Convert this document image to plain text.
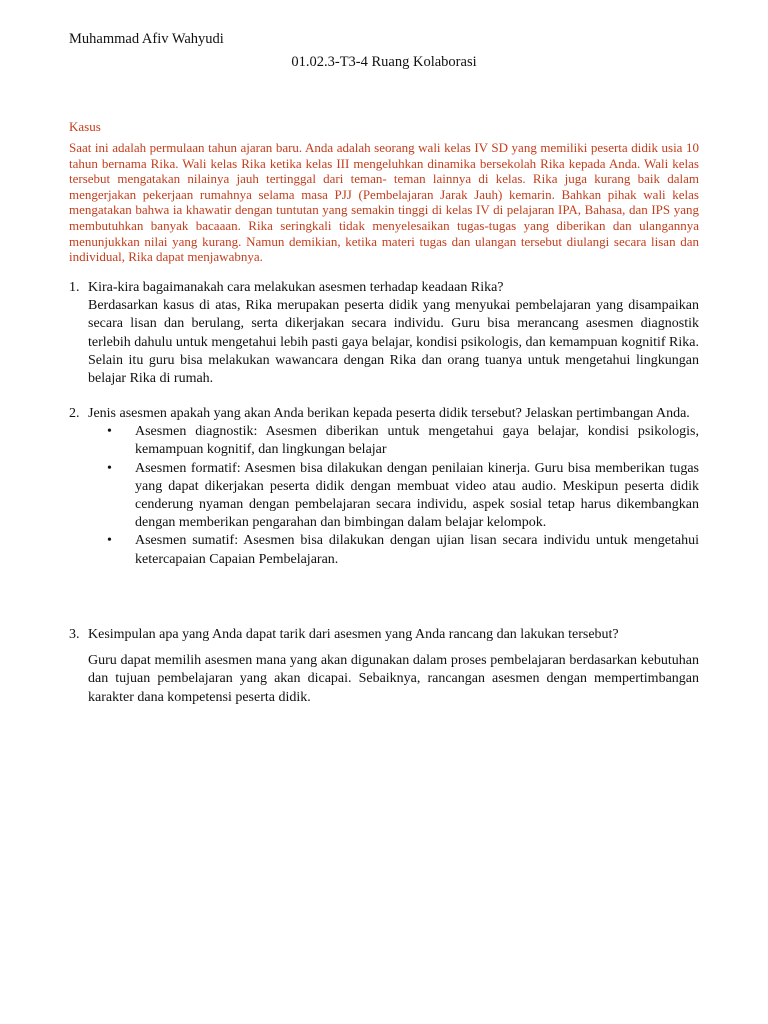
Muhammad Afiv Wahyudi
01.02.3-T3-4 Ruang Kolaborasi
Kasus
Saat ini adalah permulaan tahun ajaran baru. Anda adalah seorang wali kelas IV SD yang memiliki peserta didik usia 10 tahun bernama Rika. Wali kelas Rika ketika kelas III mengeluhkan dinamika bersekolah Rika kepada Anda. Wali kelas tersebut mengatakan nilainya jauh tertinggal dari teman- teman lainnya di kelas. Rika juga kurang baik dalam mengerjakan pekerjaan rumahnya selama masa PJJ (Pembelajaran Jarak Jauh) kemarin. Bahkan pihak wali kelas mengatakan bahwa ia khawatir dengan tuntutan yang semakin tinggi di kelas IV di pelajaran IPA, Bahasa, dan IPS yang membutuhkan banyak bacaaan. Rika seringkali tidak menyelesaikan tugas-tugas yang diberikan dan ulangannya menunjukkan nilai yang kurang. Namun demikian, ketika materi tugas dan ulangan tersebut diulangi secara lisan dan individual, Rika dapat menjawabnya.
1. Kira-kira bagaimanakah cara melakukan asesmen terhadap keadaan Rika?
Berdasarkan kasus di atas, Rika merupakan peserta didik yang menyukai pembelajaran yang disampaikan secara lisan dan berulang, serta dikerjakan secara individu. Guru bisa merancang asesmen diagnostik terlebih dahulu untuk mengetahui lebih pasti gaya belajar, kondisi psikologis, dan kemampuan kognitif Rika. Selain itu guru bisa melakukan wawancara dengan Rika dan orang tuanya untuk mengetahui lingkungan belajar Rika di rumah.
2. Jenis asesmen apakah yang akan Anda berikan kepada peserta didik tersebut? Jelaskan pertimbangan Anda.
• Asesmen diagnostik: Asesmen diberikan untuk mengetahui gaya belajar, kondisi psikologis, kemampuan kognitif, dan lingkungan belajar
• Asesmen formatif: Asesmen bisa dilakukan dengan penilaian kinerja. Guru bisa memberikan tugas yang dapat dikerjakan peserta didik dengan membuat video atau audio. Meskipun peserta didik cenderung nyaman dengan pembelajaran secara individu, aspek sosial tetap harus dikembangkan dengan memberikan pengarahan dan bimbingan dalam belajar kelompok.
• Asesmen sumatif: Asesmen bisa dilakukan dengan ujian lisan secara individu untuk mengetahui ketercapaian Capaian Pembelajaran.
3. Kesimpulan apa yang Anda dapat tarik dari asesmen yang Anda rancang dan lakukan tersebut?
Guru dapat memilih asesmen mana yang akan digunakan dalam proses pembelajaran berdasarkan kebutuhan dan tujuan pembelajaran yang akan dicapai. Sebaiknya, rancangan asesmen dengan mempertimbangan karakter dana kompetensi peserta didik.
